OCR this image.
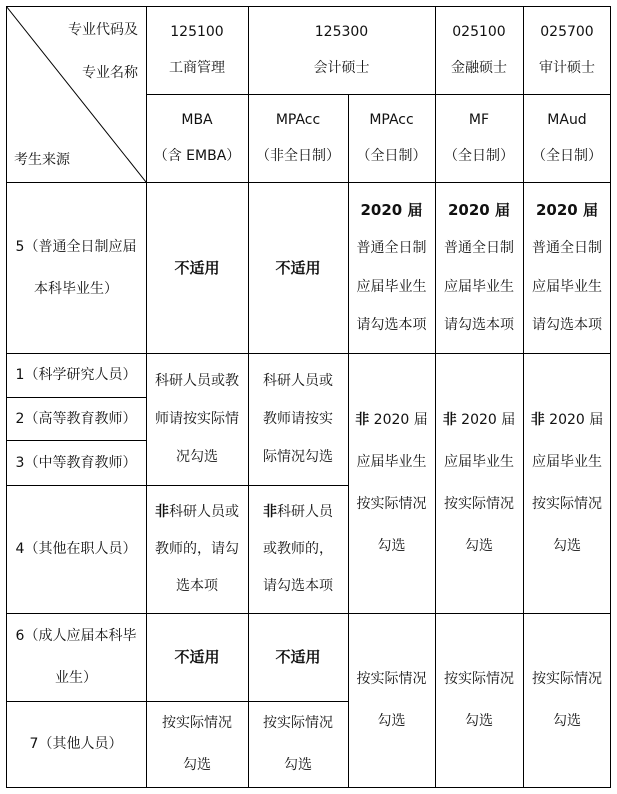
专业代码及
专业名称
考生来源
125100
工商管理
125300
会计硕士
025100
金融硕士
025700
审计硕士
MBA
（含 EMBA）
MPAcc
（非全日制）
MPAcc
（全日制）
MF
（全日制）
MAud
（全日制）
5（普通全日制应届
本科毕业生）
不适用	不适用
2020 届
普通全日制
应届毕业生
请勾选本项
2020 届
普通全日制
应届毕业生
请勾选本项
2020 届
普通全日制
应届毕业生
请勾选本项
1（科学研究人员）
2（高等教育教师）
3（中等教育教师）
科研人员或教
师请按实际情
况勾选
科研人员或
教师请按实
际情况勾选
4（其他在职人员）
非科研人员或
教师的，请勾
选本项
非科研人员
或教师的，
请勾选本项
非 2020 届
应届毕业生
按实际情况
勾选
非 2020 届
应届毕业生
按实际情况
勾选
非 2020 届
应届毕业生
按实际情况
勾选
6（成人应届本科毕
业生）
不适用	不适用
按实际情况
勾选
按实际情况
勾选
按实际情况
勾选
7（其他人员）
按实际情况
勾选
按实际情况
勾选
